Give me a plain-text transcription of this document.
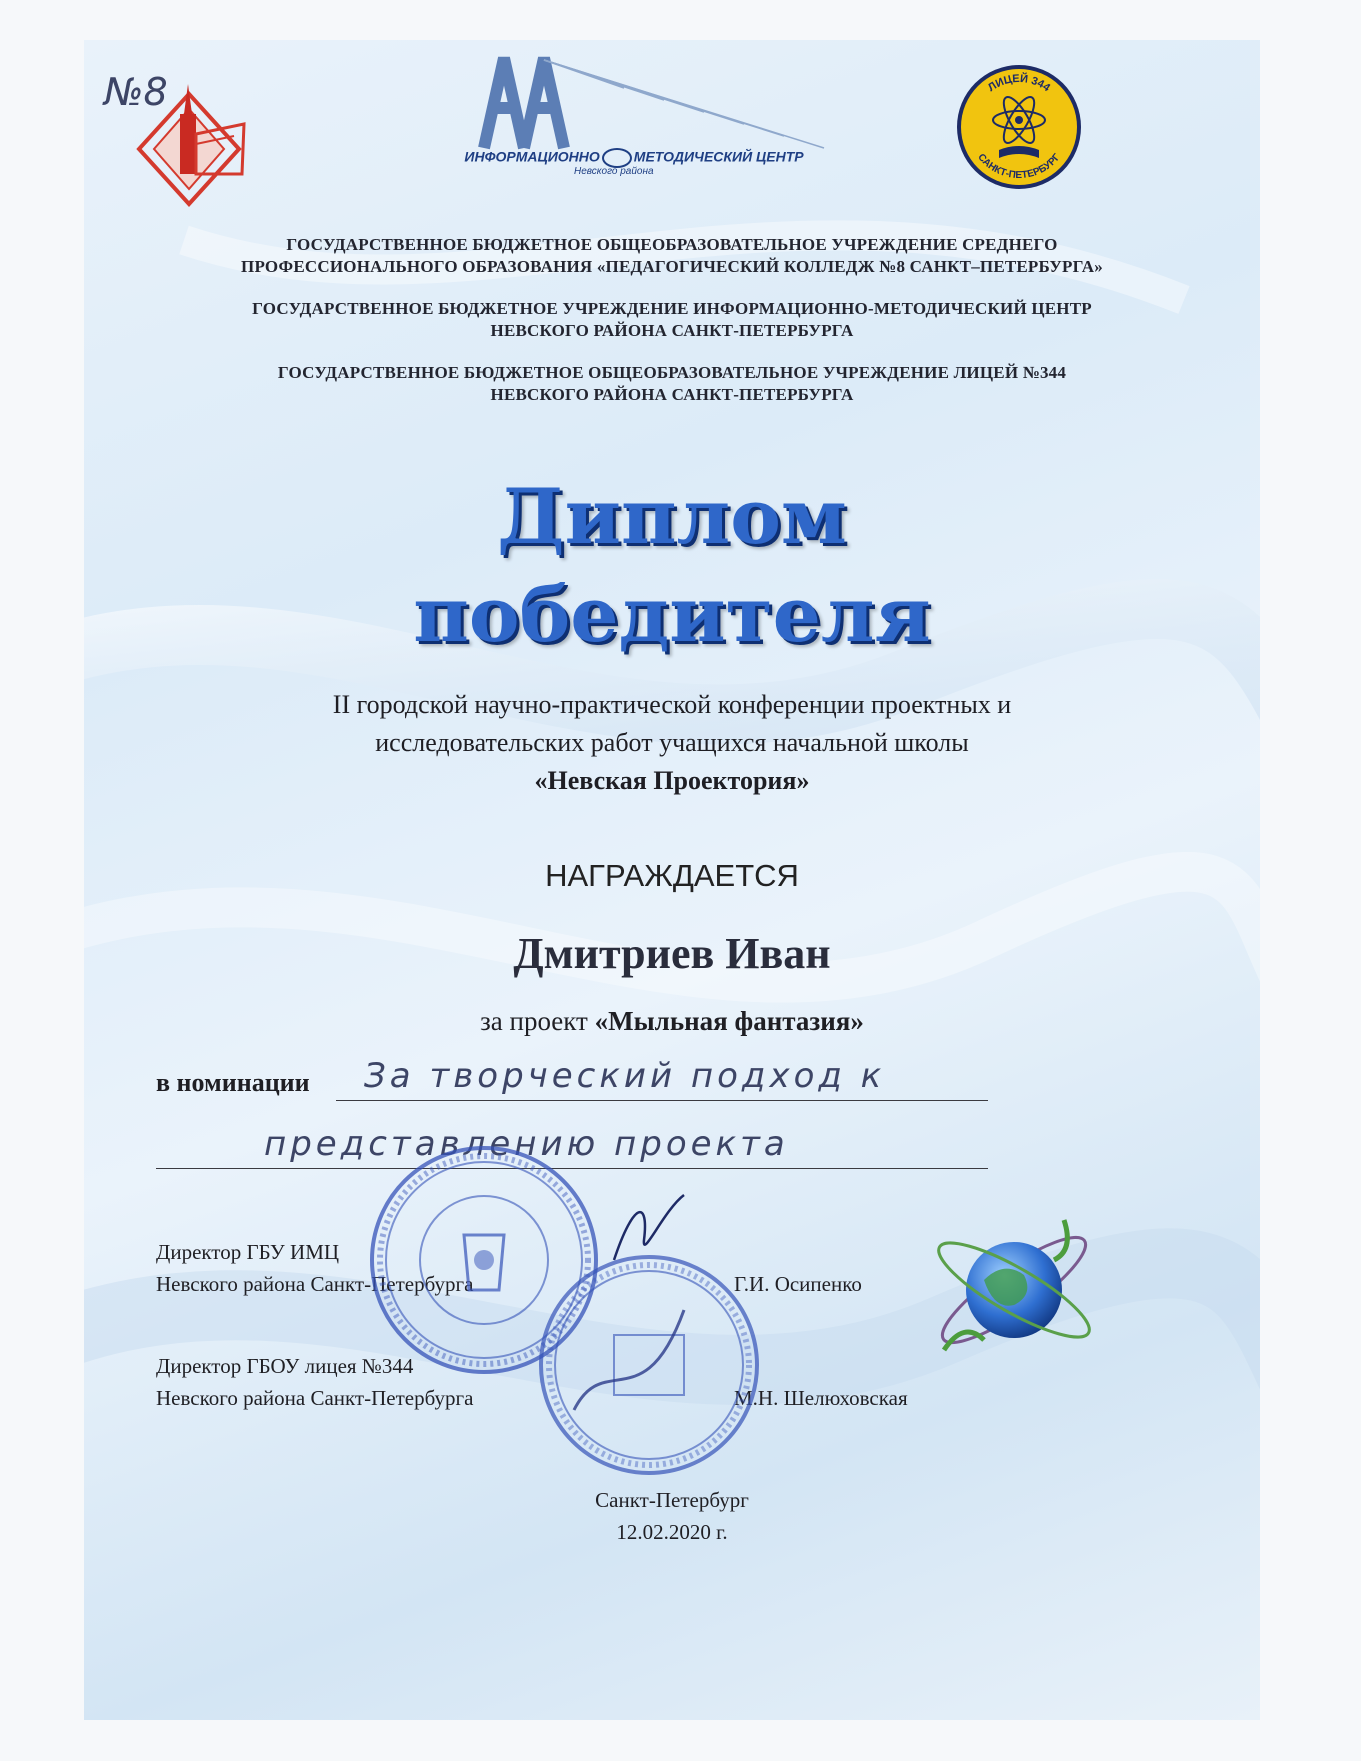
№8
ИНФОРМАЦИОННО МЕТОДИЧЕСКИЙ ЦЕНТР
Невского района
ЛИЦЕЙ 344
САНКТ-ПЕТЕРБУРГ
ГОСУДАРСТВЕННОЕ БЮДЖЕТНОЕ ОБЩЕОБРАЗОВАТЕЛЬНОЕ УЧРЕЖДЕНИЕ СРЕДНЕГО
ПРОФЕССИОНАЛЬНОГО ОБРАЗОВАНИЯ «ПЕДАГОГИЧЕСКИЙ КОЛЛЕДЖ №8 САНКТ–ПЕТЕРБУРГА»
ГОСУДАРСТВЕННОЕ БЮДЖЕТНОЕ УЧРЕЖДЕНИЕ ИНФОРМАЦИОННО-МЕТОДИЧЕСКИЙ ЦЕНТР
НЕВСКОГО РАЙОНА САНКТ-ПЕТЕРБУРГА
ГОСУДАРСТВЕННОЕ БЮДЖЕТНОЕ ОБЩЕОБРАЗОВАТЕЛЬНОЕ УЧРЕЖДЕНИЕ ЛИЦЕЙ №344
НЕВСКОГО РАЙОНА САНКТ-ПЕТЕРБУРГА
Диплом
победителя
II городской научно-практической конференции проектных и
исследовательских работ учащихся начальной школы
«Невская Проектория»
НАГРАЖДАЕТСЯ
Дмитриев Иван
за проект «Мыльная фантазия»
в номинации За творческий подход к
представлению проекта
Директор ГБУ ИМЦ
Невского района Санкт-Петербурга	Г.И. Осипенко
Директор ГБОУ лицея №344
Невского района Санкт-Петербурга	М.Н. Шелюховская
Санкт-Петербург
12.02.2020 г.
